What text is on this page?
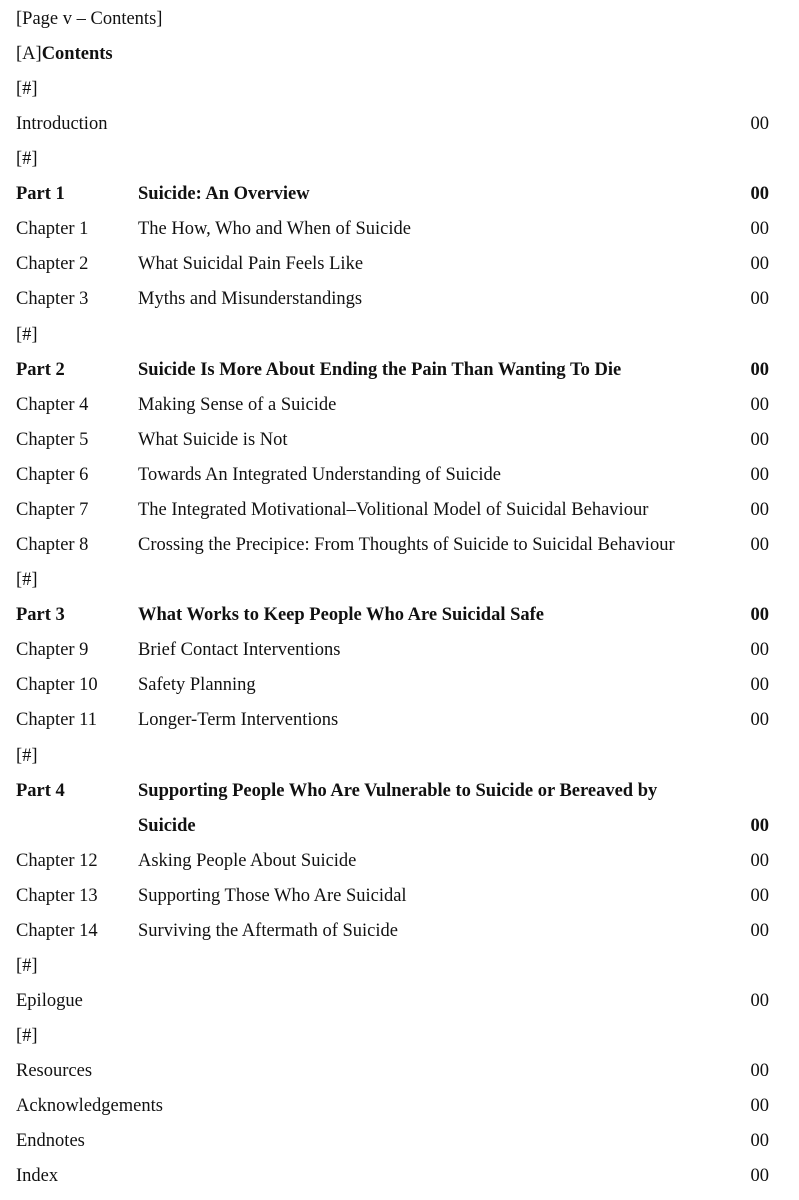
[Page v – Contents]
[A]Contents
[#]
Introduction	00
[#]
Part 1	Suicide: An Overview	00
Chapter 1	The How, Who and When of Suicide	00
Chapter 2	What Suicidal Pain Feels Like	00
Chapter 3	Myths and Misunderstandings	00
[#]
Part 2	Suicide Is More About Ending the Pain Than Wanting To Die	00
Chapter 4	Making Sense of a Suicide	00
Chapter 5	What Suicide is Not	00
Chapter 6	Towards An Integrated Understanding of Suicide	00
Chapter 7	The Integrated Motivational–Volitional Model of Suicidal Behaviour	00
Chapter 8	Crossing the Precipice: From Thoughts of Suicide to Suicidal Behaviour	00
[#]
Part 3	What Works to Keep People Who Are Suicidal Safe	00
Chapter 9	Brief Contact Interventions	00
Chapter 10 Safety Planning	00
Chapter 11 Longer-Term Interventions	00
[#]
Part 4	Supporting People Who Are Vulnerable to Suicide or Bereaved by
Suicide	00
Chapter 12 Asking People About Suicide	00
Chapter 13 Supporting Those Who Are Suicidal	00
Chapter 14 Surviving the Aftermath of Suicide	00
[#]
Epilogue	00
[#]
Resources	00
Acknowledgements	00
Endnotes	00
Index	00
